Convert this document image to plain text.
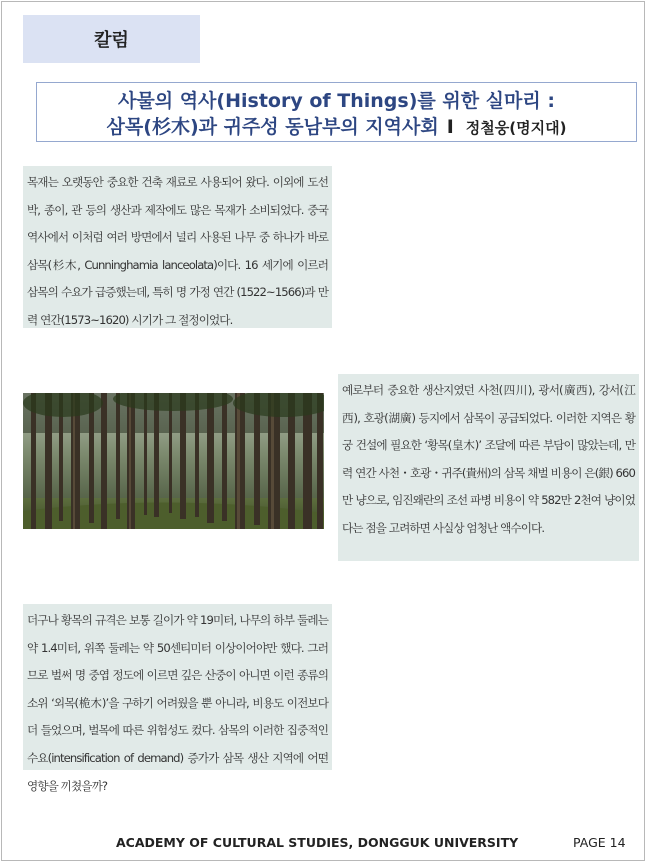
칼럼
사물의 역사(History of Things)를 위한 실마리 :
삼목(杉木)과 귀주성 동남부의 지역사회 I 정철웅(명지대)
목재는 오랫동안 중요한 건축 재료로 사용되어 왔다. 이외에 도선박, 종이, 관 등의 생산과 제작에도 많은 목재가 소비되었다. 중국 역사에서 이처럼 여러 방면에서 널리 사용된 나무 중 하나가 바로 삼목(杉木, Cunninghamia lanceolata)이다. 16 세기에 이르러 삼목의 수요가 급증했는데, 특히 명 가정 연간 (1522~1566)과 만력 연간(1573~1620) 시기가 그 절정이었다.
예로부터 중요한 생산지였던 사천(四川), 광서(廣西), 강서(江西), 호광(湖廣) 등지에서 삼목이 공급되었다. 이러한 지역은 황궁 건설에 필요한 ‘황목(皇木)’ 조달에 따른 부담이 많았는데, 만력 연간 사천・호광・귀주(貴州)의 삼목 채벌 비용이 은(銀) 660만 냥으로, 임진왜란의 조선 파병 비용이 약 582만 2천여 냥이었다는 점을 고려하면 사실상 엄청난 액수이다.
더구나 황목의 규격은 보통 길이가 약 19미터, 나무의 하부 둘레는 약 1.4미터, 위쪽 둘레는 약 50센티미터 이상이어야만 했다. 그러므로 벌써 명 중엽 정도에 이르면 깊은 산중이 아니면 이런 종류의 소위 ‘외목(桅木)’을 구하기 어려웠을 뿐 아니라, 비용도 이전보다 더 들었으며, 벌목에 따른 위험성도 컸다. 삼목의 이러한 집중적인 수요(intensification of demand) 증가가 삼목 생산 지역에 어떤 영향을 끼쳤을까?
ACADEMY OF CULTURAL STUDIES, DONGGUK UNIVERSITY	PAGE 14
